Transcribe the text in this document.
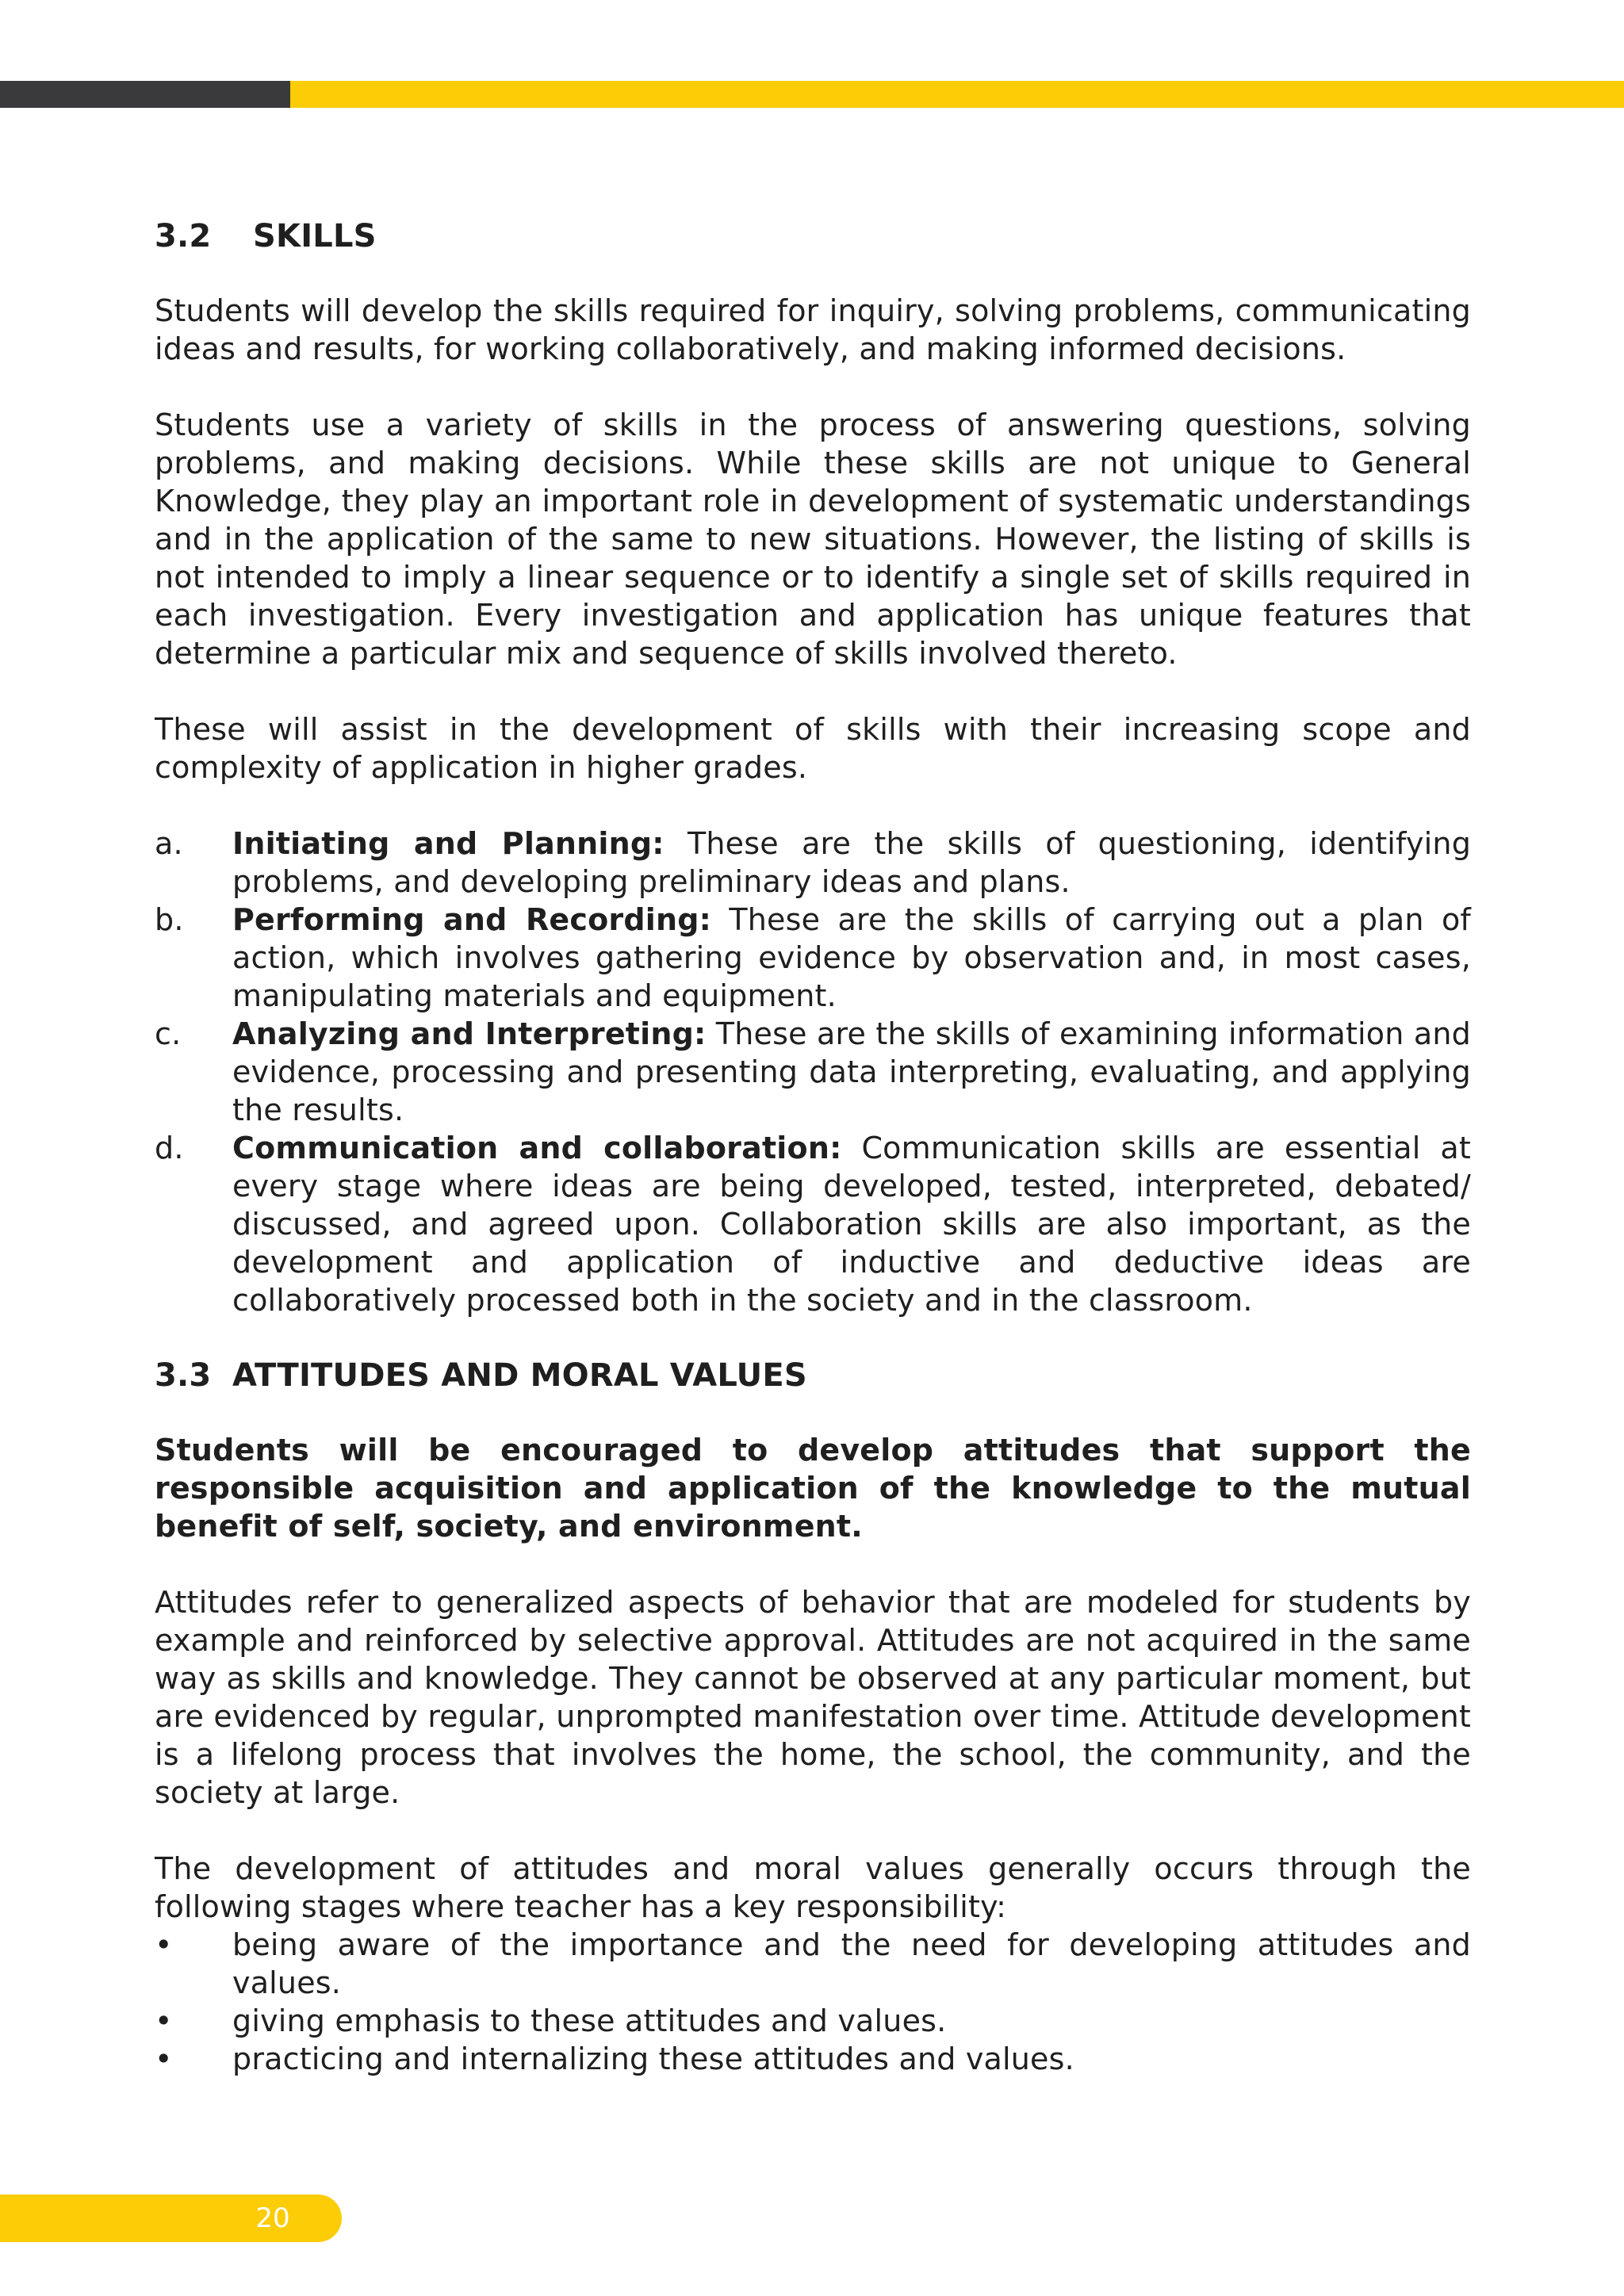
3.2 SKILLS

Students will develop the skills required for inquiry, solving problems, communicating ideas and results, for working collaboratively, and making informed decisions.

Students use a variety of skills in the process of answering questions, solving problems, and making decisions. While these skills are not unique to General Knowledge, they play an important role in development of systematic understandings and in the application of the same to new situations. However, the listing of skills is not intended to imply a linear sequence or to identify a single set of skills required in each investigation. Every investigation and application has unique features that determine a particular mix and sequence of skills involved thereto.

These will assist in the development of skills with their increasing scope and complexity of application in higher grades.

a.	Initiating and Planning: These are the skills of questioning, identifying problems, and developing preliminary ideas and plans.
b.	Performing and Recording: These are the skills of carrying out a plan of action, which involves gathering evidence by observation and, in most cases, manipulating materials and equipment.
c.	Analyzing and Interpreting: These are the skills of examining information and evidence, processing and presenting data interpreting, evaluating, and applying the results.
d.	Communication and collaboration: Communication skills are essential at every stage where ideas are being developed, tested, interpreted, debated/ discussed, and agreed upon. Collaboration skills are also important, as the development and application of inductive and deductive ideas are collaboratively processed both in the society and in the classroom.
3.3 ATTITUDES AND MORAL VALUES

Students will be encouraged to develop attitudes that support the responsible acquisition and application of the knowledge to the mutual benefit of self, society, and environment.

Attitudes refer to generalized aspects of behavior that are modeled for students by example and reinforced by selective approval. Attitudes are not acquired in the same way as skills and knowledge. They cannot be observed at any particular moment, but are evidenced by regular, unprompted manifestation over time. Attitude development is a lifelong process that involves the home, the school, the community, and the society at large.

The development of attitudes and moral values generally occurs through the following stages where teacher has a key responsibility:

•	being aware of the importance and the need for developing attitudes and values.
•	giving emphasis to these attitudes and values.
•	practicing and internalizing these attitudes and values.
20
